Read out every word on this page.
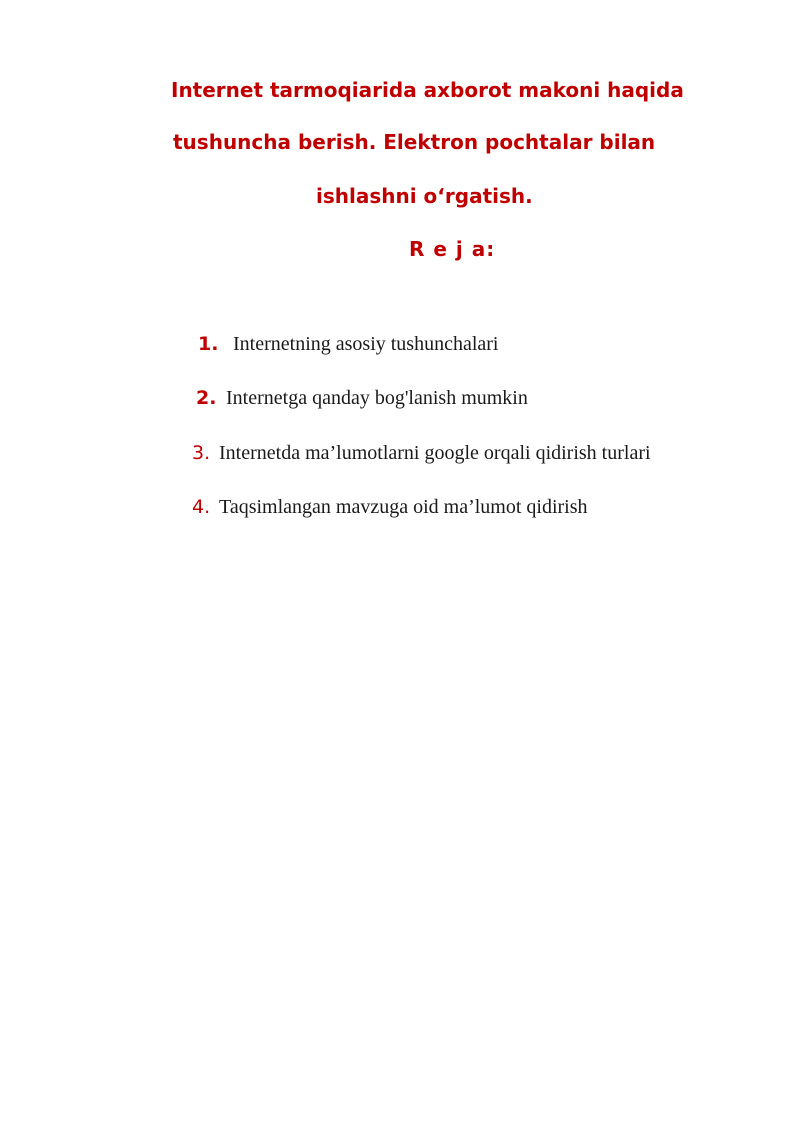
Internet tarmoqiarida axborot makoni haqida
tushuncha berish. Elektron pochtalar bilan
ishlashni o‘rgatish.
R e j a:
1. Internetning asosiy tushunchalari
2. Internetga qanday bog'lanish mumkin
3. Internetda ma’lumotlarni google orqali qidirish turlari
4. Taqsimlangan mavzuga oid ma’lumot qidirish
